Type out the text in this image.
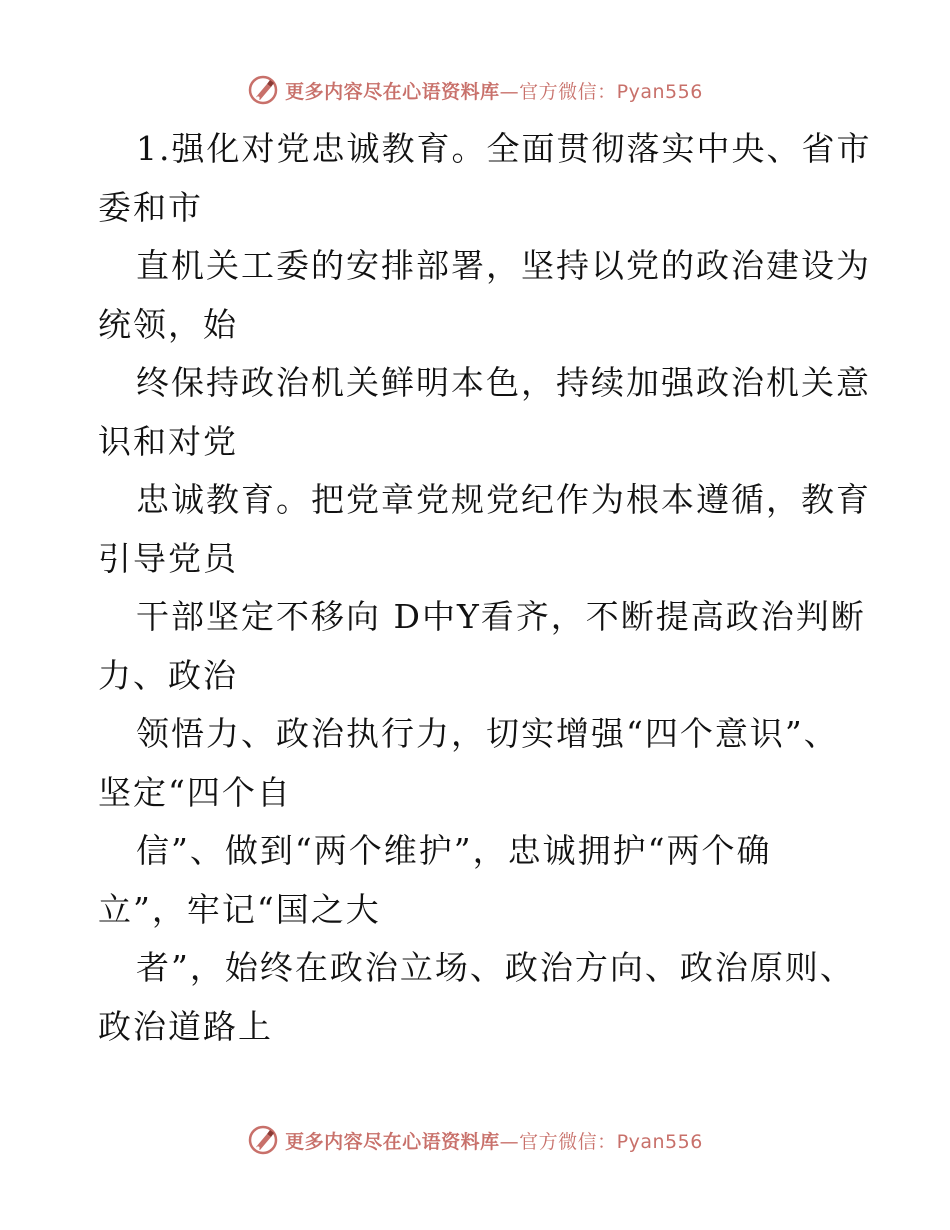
更多内容尽在心语资料库—官方微信：Pyan556
1.强化对党忠诚教育。全面贯彻落实中央、省市
委和市
直机关工委的安排部署，坚持以党的政治建设为
统领，始
终保持政治机关鲜明本色，持续加强政治机关意
识和对党
忠诚教育。把党章党规党纪作为根本遵循，教育
引导党员
干部坚定不移向 D中Y看齐，不断提高政治判断
力、政治
领悟力、政治执行力，切实增强“四个意识”、
坚定“四个自
信”、做到“两个维护”，忠诚拥护“两个确
立”，牢记“国之大
者”，始终在政治立场、政治方向、政治原则、
政治道路上
更多内容尽在心语资料库—官方微信：Pyan556
